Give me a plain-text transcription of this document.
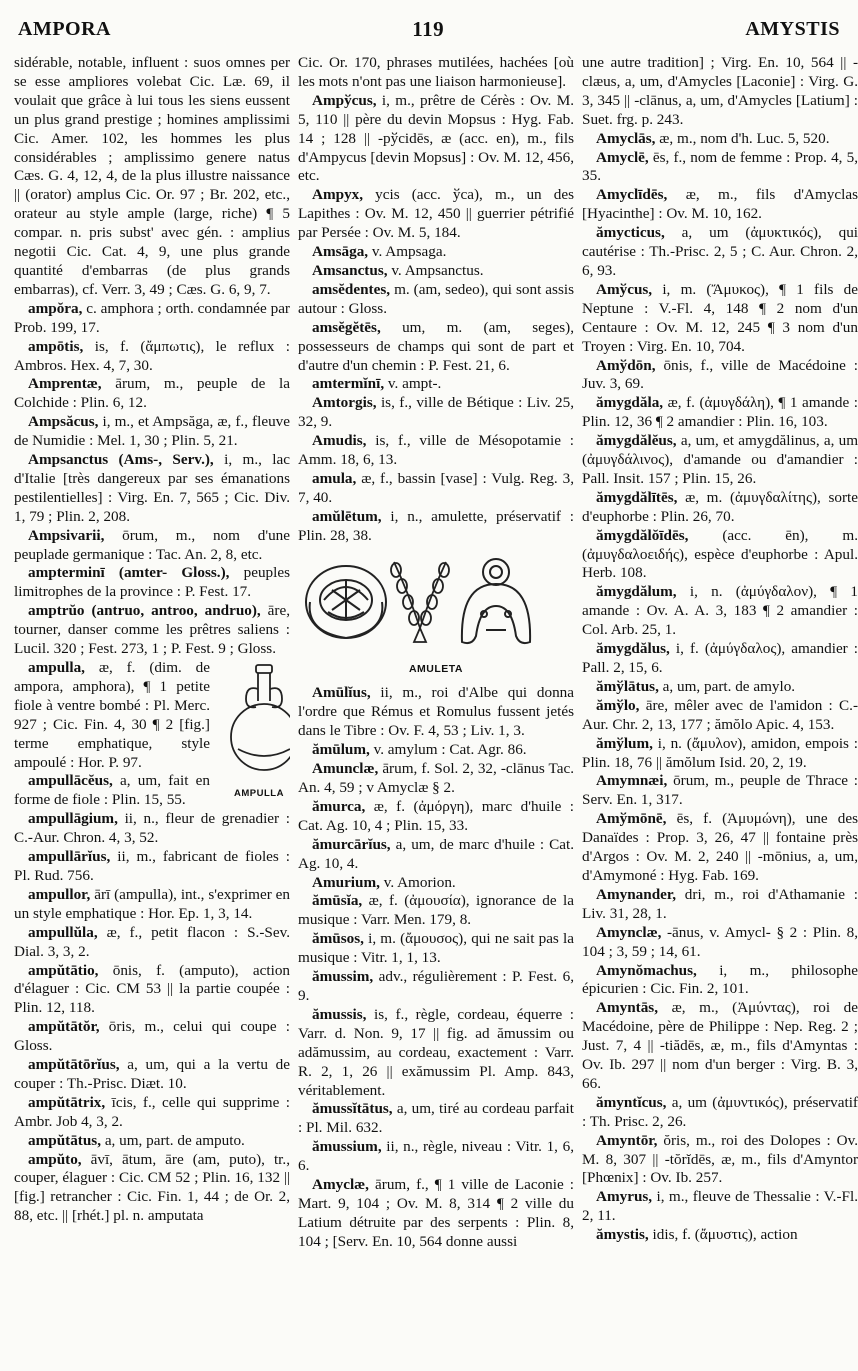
AMPORA	119	AMYSTIS

sidérable, notable, influent : suos omnes per se esse ampliores volebat Cic. Læ. 69, il voulait que grâce à lui tous les siens eussent un plus grand prestige ; homines amplissimi Cic. Amer. 102, les hommes les plus considérables ; amplissimo genere natus Cæs. G. 4, 12, 4, de la plus illustre naissance || (orator) amplus Cic. Or. 97 ; Br. 202, etc., orateur au style ample (large, riche) ¶ 5 compar. n. pris subst' avec gén. : amplius negotii Cic. Cat. 4, 9, une plus grande quantité d'embarras (de plus grands embarras), cf. Verr. 3, 49 ; Cæs. G. 6, 9, 7.

ampŏra, c. amphora ; orth. condamnée par Prob. 199, 17.

ampōtis, is, f. (ἄμπωτις), le reflux : Ambros. Hex. 4, 7, 30.

Amprentæ, ārum, m., peuple de la Colchide : Plin. 6, 12.

Ampsăcus, i, m., et Ampsăga, æ, f., fleuve de Numidie : Mel. 1, 30 ; Plin. 5, 21.

Ampsanctus (Ams-, Serv.), i, m., lac d'Italie [très dangereux par ses émanations pestilentielles] : Virg. En. 7, 565 ; Cic. Div. 1, 79 ; Plin. 2, 208.

Ampsivarii, ōrum, m., nom d'une peuplade germanique : Tac. An. 2, 8, etc.

ampterminī (amter- Gloss.), peuples limitrophes de la province : P. Fest. 17.

amptrŭo (antruo, antroo, andruo), āre, tourner, danser comme les prêtres saliens : Lucil. 320 ; Fest. 273, 1 ; P. Fest. 9 ; Gloss.

AMPULLA
ampulla, æ, f. (dim. de ampora, amphora), ¶ 1 petite fiole à ventre bombé : Pl. Merc. 927 ; Cic. Fin. 4, 30 ¶ 2 [fig.] terme emphatique, style ampoulé : Hor. P. 97.

ampullācĕus, a, um, fait en forme de fiole : Plin. 15, 55.

ampullāgium, ii, n., fleur de grenadier : C.-Aur. Chron. 4, 3, 52.

ampullārĭus, ii, m., fabricant de fioles : Pl. Rud. 756.

ampullor, ārī (ampulla), int., s'exprimer en un style emphatique : Hor. Ep. 1, 3, 14.

ampullŭla, æ, f., petit flacon : S.-Sev. Dial. 3, 3, 2.

ampŭtātio, ōnis, f. (amputo), action d'élaguer : Cic. CM 53 || la partie coupée : Plin. 12, 118.

ampŭtātŏr, ōris, m., celui qui coupe : Gloss.

ampŭtātōrĭus, a, um, qui a la vertu de couper : Th.-Prisc. Diæt. 10.

ampŭtātrix, īcis, f., celle qui supprime : Ambr. Job 4, 3, 2.

ampŭtātus, a, um, part. de amputo.

ampŭto, āvī, ātum, āre (am, puto), tr., couper, élaguer : Cic. CM 52 ; Plin. 16, 132 || [fig.] retrancher : Cic. Fin. 1, 44 ; de Or. 2, 88, etc. || [rhét.] pl. n. amputata

Cic. Or. 170, phrases mutilées, hachées [où les mots n'ont pas une liaison harmonieuse].

Ampўcus, i, m., prêtre de Cérès : Ov. M. 5, 110 || père du devin Mopsus : Hyg. Fab. 14 ; 128 || -pўcidēs, æ (acc. en), m., fils d'Ampycus [devin Mopsus] : Ov. M. 12, 456, etc.

Ampyx, ycis (acc. ўca), m., un des Lapithes : Ov. M. 12, 450 || guerrier pétrifié par Persée : Ov. M. 5, 184.

Amsāga, v. Ampsaga.

Amsanctus, v. Ampsanctus.

amsĕdentes, m. (am, sedeo), qui sont assis autour : Gloss.

amsĕgĕtēs, um, m. (am, seges), possesseurs de champs qui sont de part et d'autre d'un chemin : P. Fest. 21, 6.

amtermĭnī, v. ampt-.

Amtorgis, is, f., ville de Bétique : Liv. 25, 32, 9.

Amudis, is, f., ville de Mésopotamie : Amm. 18, 6, 13.

amula, æ, f., bassin [vase] : Vulg. Reg. 3, 7, 40.

amŭlētum, i, n., amulette, préservatif : Plin. 28, 38.

AMULETA

Amūlĭus, ii, m., roi d'Albe qui donna l'ordre que Rémus et Romulus fussent jetés dans le Tibre : Ov. F. 4, 53 ; Liv. 1, 3.

ămūlum, v. amylum : Cat. Agr. 86.

Amunclæ, ārum, f. Sol. 2, 32, -clānus Tac. An. 4, 59 ; v Amyclæ § 2.

ămurca, æ, f. (ἀμόργη), marc d'huile : Cat. Ag. 10, 4 ; Plin. 15, 33.

ămurcārĭus, a, um, de marc d'huile : Cat. Ag. 10, 4.

Amurium, v. Amorion.

ămūsĭa, æ, f. (ἀμουσία), ignorance de la musique : Varr. Men. 179, 8.

ămūsos, i, m. (ἄμουσος), qui ne sait pas la musique : Vitr. 1, 1, 13.

ămussim, adv., régulièrement : P. Fest. 6, 9.

ămussis, is, f., règle, cordeau, équerre : Varr. d. Non. 9, 17 || fig. ad ămussim ou adămussim, au cordeau, exactement : Varr. R. 2, 1, 26 || exămussim Pl. Amp. 843, véritablement.

ămussĭtātus, a, um, tiré au cordeau parfait : Pl. Mil. 632.

ămussium, ii, n., règle, niveau : Vitr. 1, 6, 6.

Amyclæ, ārum, f., ¶ 1 ville de Laconie : Mart. 9, 104 ; Ov. M. 8, 314 ¶ 2 ville du Latium détruite par des serpents : Plin. 8, 104 ; [Serv. En. 10, 564 donne aussi

une autre tradition] ; Virg. En. 10, 564 || -clæus, a, um, d'Amycles [Laconie] : Virg. G. 3, 345 || -clānus, a, um, d'Amycles [Latium] : Suet. frg. p. 243.

Amyclās, æ, m., nom d'h. Luc. 5, 520.

Amyclē, ēs, f., nom de femme : Prop. 4, 5, 35.

Amyclīdēs, æ, m., fils d'Amyclas [Hyacinthe] : Ov. M. 10, 162.

ămycticus, a, um (ἀμυκτικός), qui cautérise : Th.-Prisc. 2, 5 ; C. Aur. Chron. 2, 6, 93.

Amўcus, i, m. (Ἄμυκος), ¶ 1 fils de Neptune : V.-Fl. 4, 148 ¶ 2 nom d'un Centaure : Ov. M. 12, 245 ¶ 3 nom d'un Troyen : Virg. En. 10, 704.

Amўdōn, ōnis, f., ville de Macédoine : Juv. 3, 69.

ămygdăla, æ, f. (ἀμυγδάλη), ¶ 1 amande : Plin. 12, 36 ¶ 2 amandier : Plin. 16, 103.

ămygdălĕus, a, um, et amygdălinus, a, um (ἀμυγδάλινος), d'amande ou d'amandier : Pall. Insit. 157 ; Plin. 15, 26.

ămygdălītēs, æ, m. (ἀμυγδαλίτης), sorte d'euphorbe : Plin. 26, 70.

ămygdălŏīdēs, (acc. ēn), m. (ἀμυγδαλοειδής), espèce d'euphorbe : Apul. Herb. 108.

ămygdălum, i, n. (ἀμύγδαλον), ¶ 1 amande : Ov. A. A. 3, 183 ¶ 2 amandier : Col. Arb. 25, 1.

ămygdălus, i, f. (ἀμύγδαλος), amandier : Pall. 2, 15, 6.

ămўlātus, a, um, part. de amylo.

ămўlo, āre, mêler avec de l'amidon : C.-Aur. Chr. 2, 13, 177 ; ămŏlo Apic. 4, 153.

ămўlum, i, n. (ἄμυλον), amidon, empois : Plin. 18, 76 || ămŏlum Isid. 20, 2, 19.

Amymnæi, ōrum, m., peuple de Thrace : Serv. En. 1, 317.

Amўmōnē, ēs, f. (Ἀμυμώνη), une des Danaïdes : Prop. 3, 26, 47 || fontaine près d'Argos : Ov. M. 2, 240 || -mōnius, a, um, d'Amymoné : Hyg. Fab. 169.

Amynander, dri, m., roi d'Athamanie : Liv. 31, 28, 1.

Amynclæ, -ānus, v. Amycl- § 2 : Plin. 8, 104 ; 3, 59 ; 14, 61.

Amynŏmachus, i, m., philosophe épicurien : Cic. Fin. 2, 101.

Amyntās, æ, m., (Ἀμύντας), roi de Macédoine, père de Philippe : Nep. Reg. 2 ; Just. 7, 4 || -tiădēs, æ, m., fils d'Amyntas : Ov. Ib. 297 || nom d'un berger : Virg. B. 3, 66.

ămyntĭcus, a, um (ἀμυντικός), préservatif : Th. Prisc. 2, 26.

Amyntōr, ŏris, m., roi des Dolopes : Ov. M. 8, 307 || -tŏrĭdēs, æ, m., fils d'Amyntor [Phœnix] : Ov. Ib. 257.

Amyrus, i, m., fleuve de Thessalie : V.-Fl. 2, 11.

ămystis, idis, f. (ἄμυστις), action
